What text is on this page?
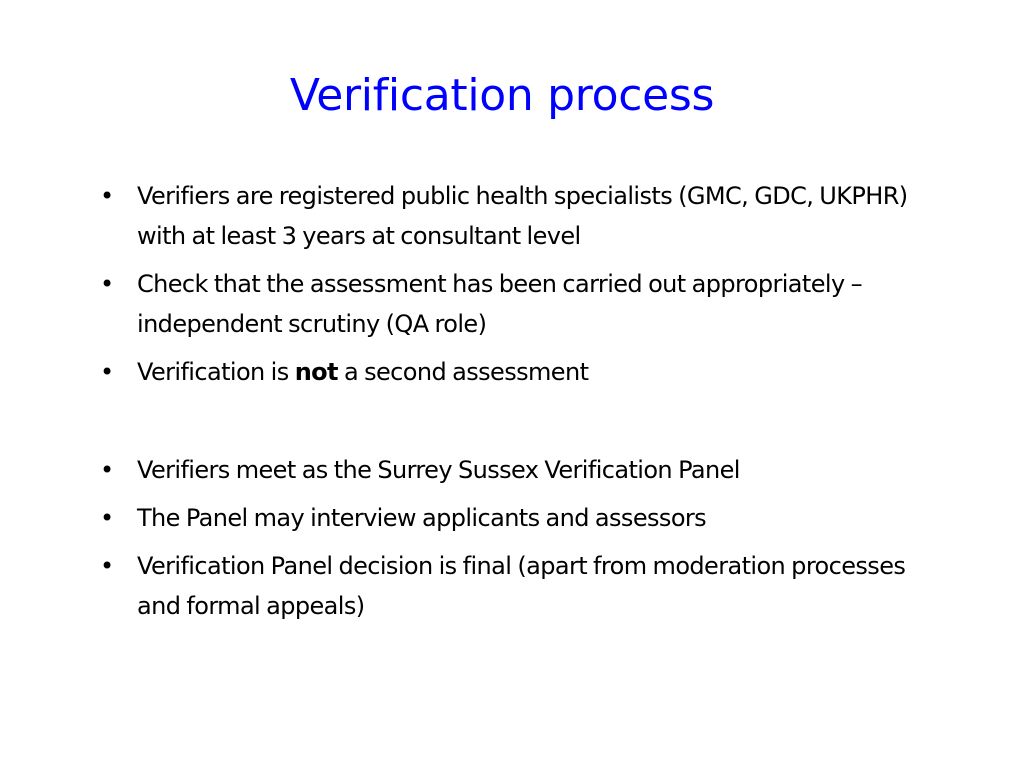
Verification process
• Verifiers are registered public health specialists (GMC, GDC, UKPHR) with at least 3 years at consultant level
• Check that the assessment has been carried out appropriately – independent scrutiny (QA role)
• Verification is not a second assessment
• Verifiers meet as the Surrey Sussex Verification Panel
• The Panel may interview applicants and assessors
• Verification Panel decision is final (apart from moderation processes and formal appeals)
